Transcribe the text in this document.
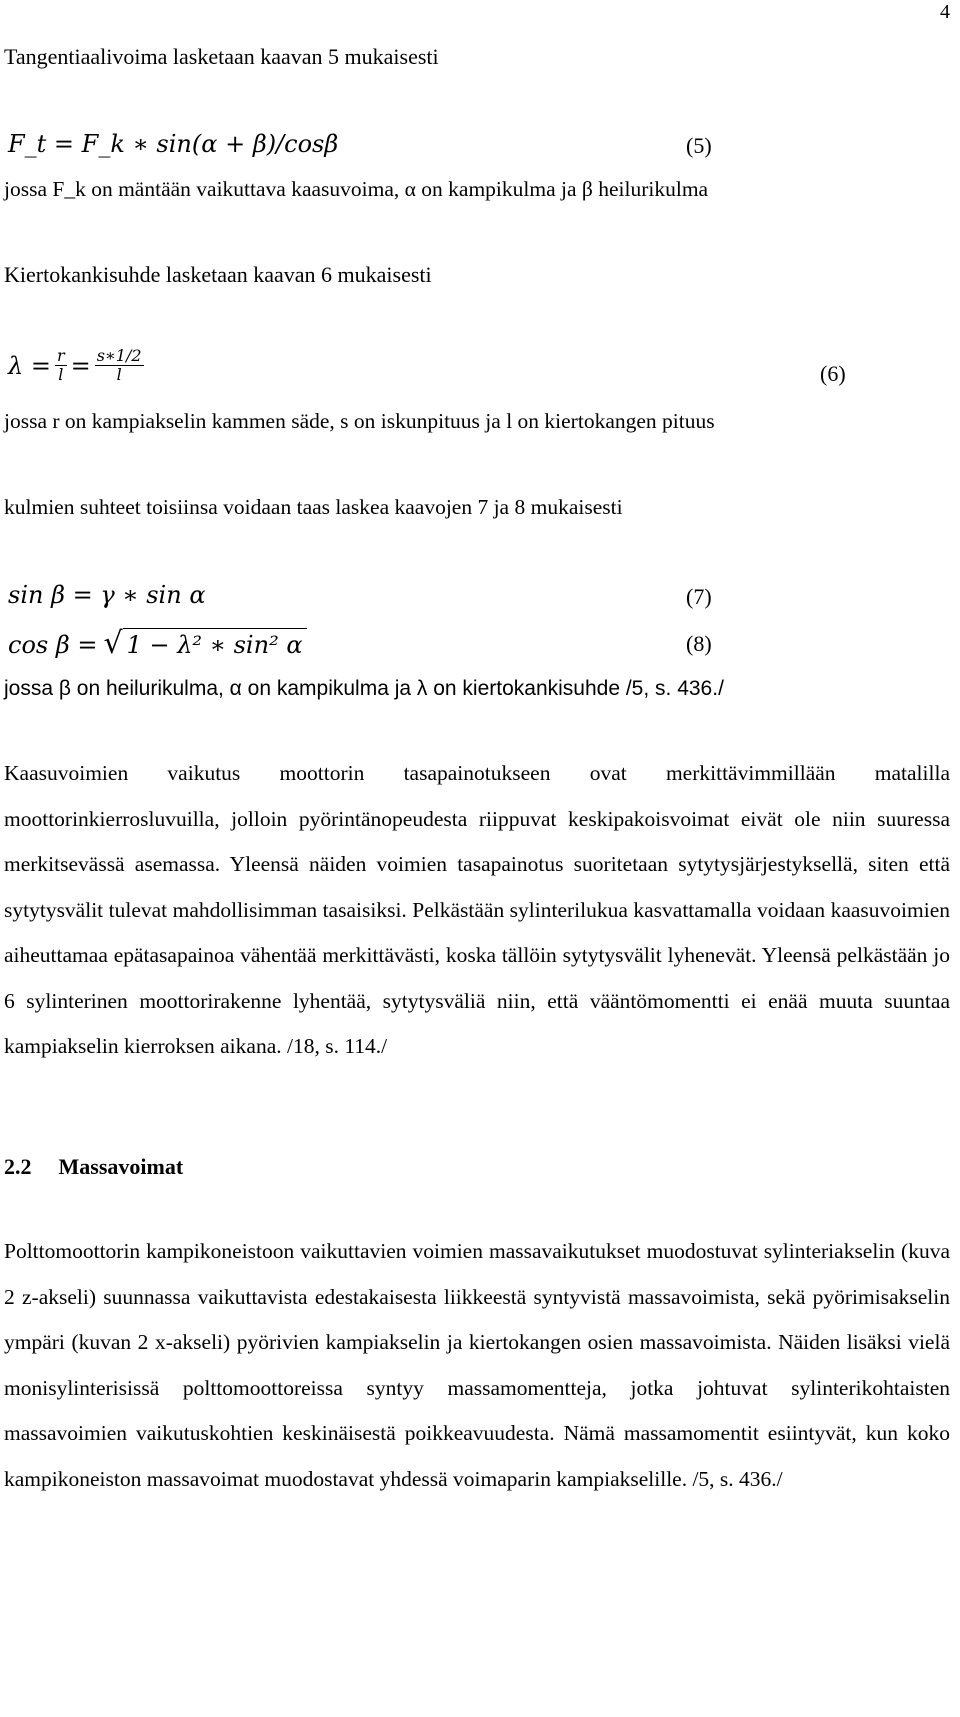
4
Tangentiaalivoima lasketaan kaavan 5 mukaisesti
F_t = F_k ∗ sin(α + β)/cosβ	(5)
jossa F_k on mäntään vaikuttava kaasuvoima, α on kampikulma ja β heilurikulma
Kiertokankisuhde lasketaan kaavan 6 mukaisesti
$\lambda = \frac{r}{l} = \frac{s∗1/2}{l}$	(6)
jossa r on kampiakselin kammen säde, s on iskunpituus ja l on kiertokangen pituus
kulmien suhteet toisiinsa voidaan taas laskea kaavojen 7 ja 8 mukaisesti
sin β = γ ∗ sin α	(7)
cos β = √ 1 − λ² ∗ sin² α	(8)
jossa β on heilurikulma, α on kampikulma ja λ on kiertokankisuhde /5, s. 436./
Kaasuvoimien vaikutus moottorin tasapainotukseen ovat merkittävimmillään matalilla moottorinkierrosluvuilla, jolloin pyörintänopeudesta riippuvat keskipakoisvoimat eivät ole niin suuressa merkitsevässä asemassa. Yleensä näiden voimien tasapainotus suoritetaan sytytysjärjestyksellä, siten että sytytysvälit tulevat mahdollisimman tasaisiksi. Pelkästään sylinterilukua kasvattamalla voidaan kaasuvoimien aiheuttamaa epätasapainoa vähentää merkittävästi, koska tällöin sytytysvälit lyhenevät. Yleensä pelkästään jo 6 sylinterinen moottorirakenne lyhentää, sytytysväliä niin, että vääntömomentti ei enää muuta suuntaa kampiakselin kierroksen aikana. /18, s. 114./
2.2 Massavoimat
Polttomoottorin kampikoneistoon vaikuttavien voimien massavaikutukset muodostuvat sylinteriakselin (kuva 2 z-akseli) suunnassa vaikuttavista edestakaisesta liikkeestä syntyvistä massavoimista, sekä pyörimisakselin ympäri (kuvan 2 x-akseli) pyörivien kampiakselin ja kiertokangen osien massavoimista. Näiden lisäksi vielä monisylinterisissä polttomoottoreissa syntyy massamomentteja, jotka johtuvat sylinterikohtaisten massavoimien vaikutuskohtien keskinäisestä poikkeavuudesta. Nämä massamomentit esiintyvät, kun koko kampikoneiston massavoimat muodostavat yhdessä voimaparin kampiakselille. /5, s. 436./
